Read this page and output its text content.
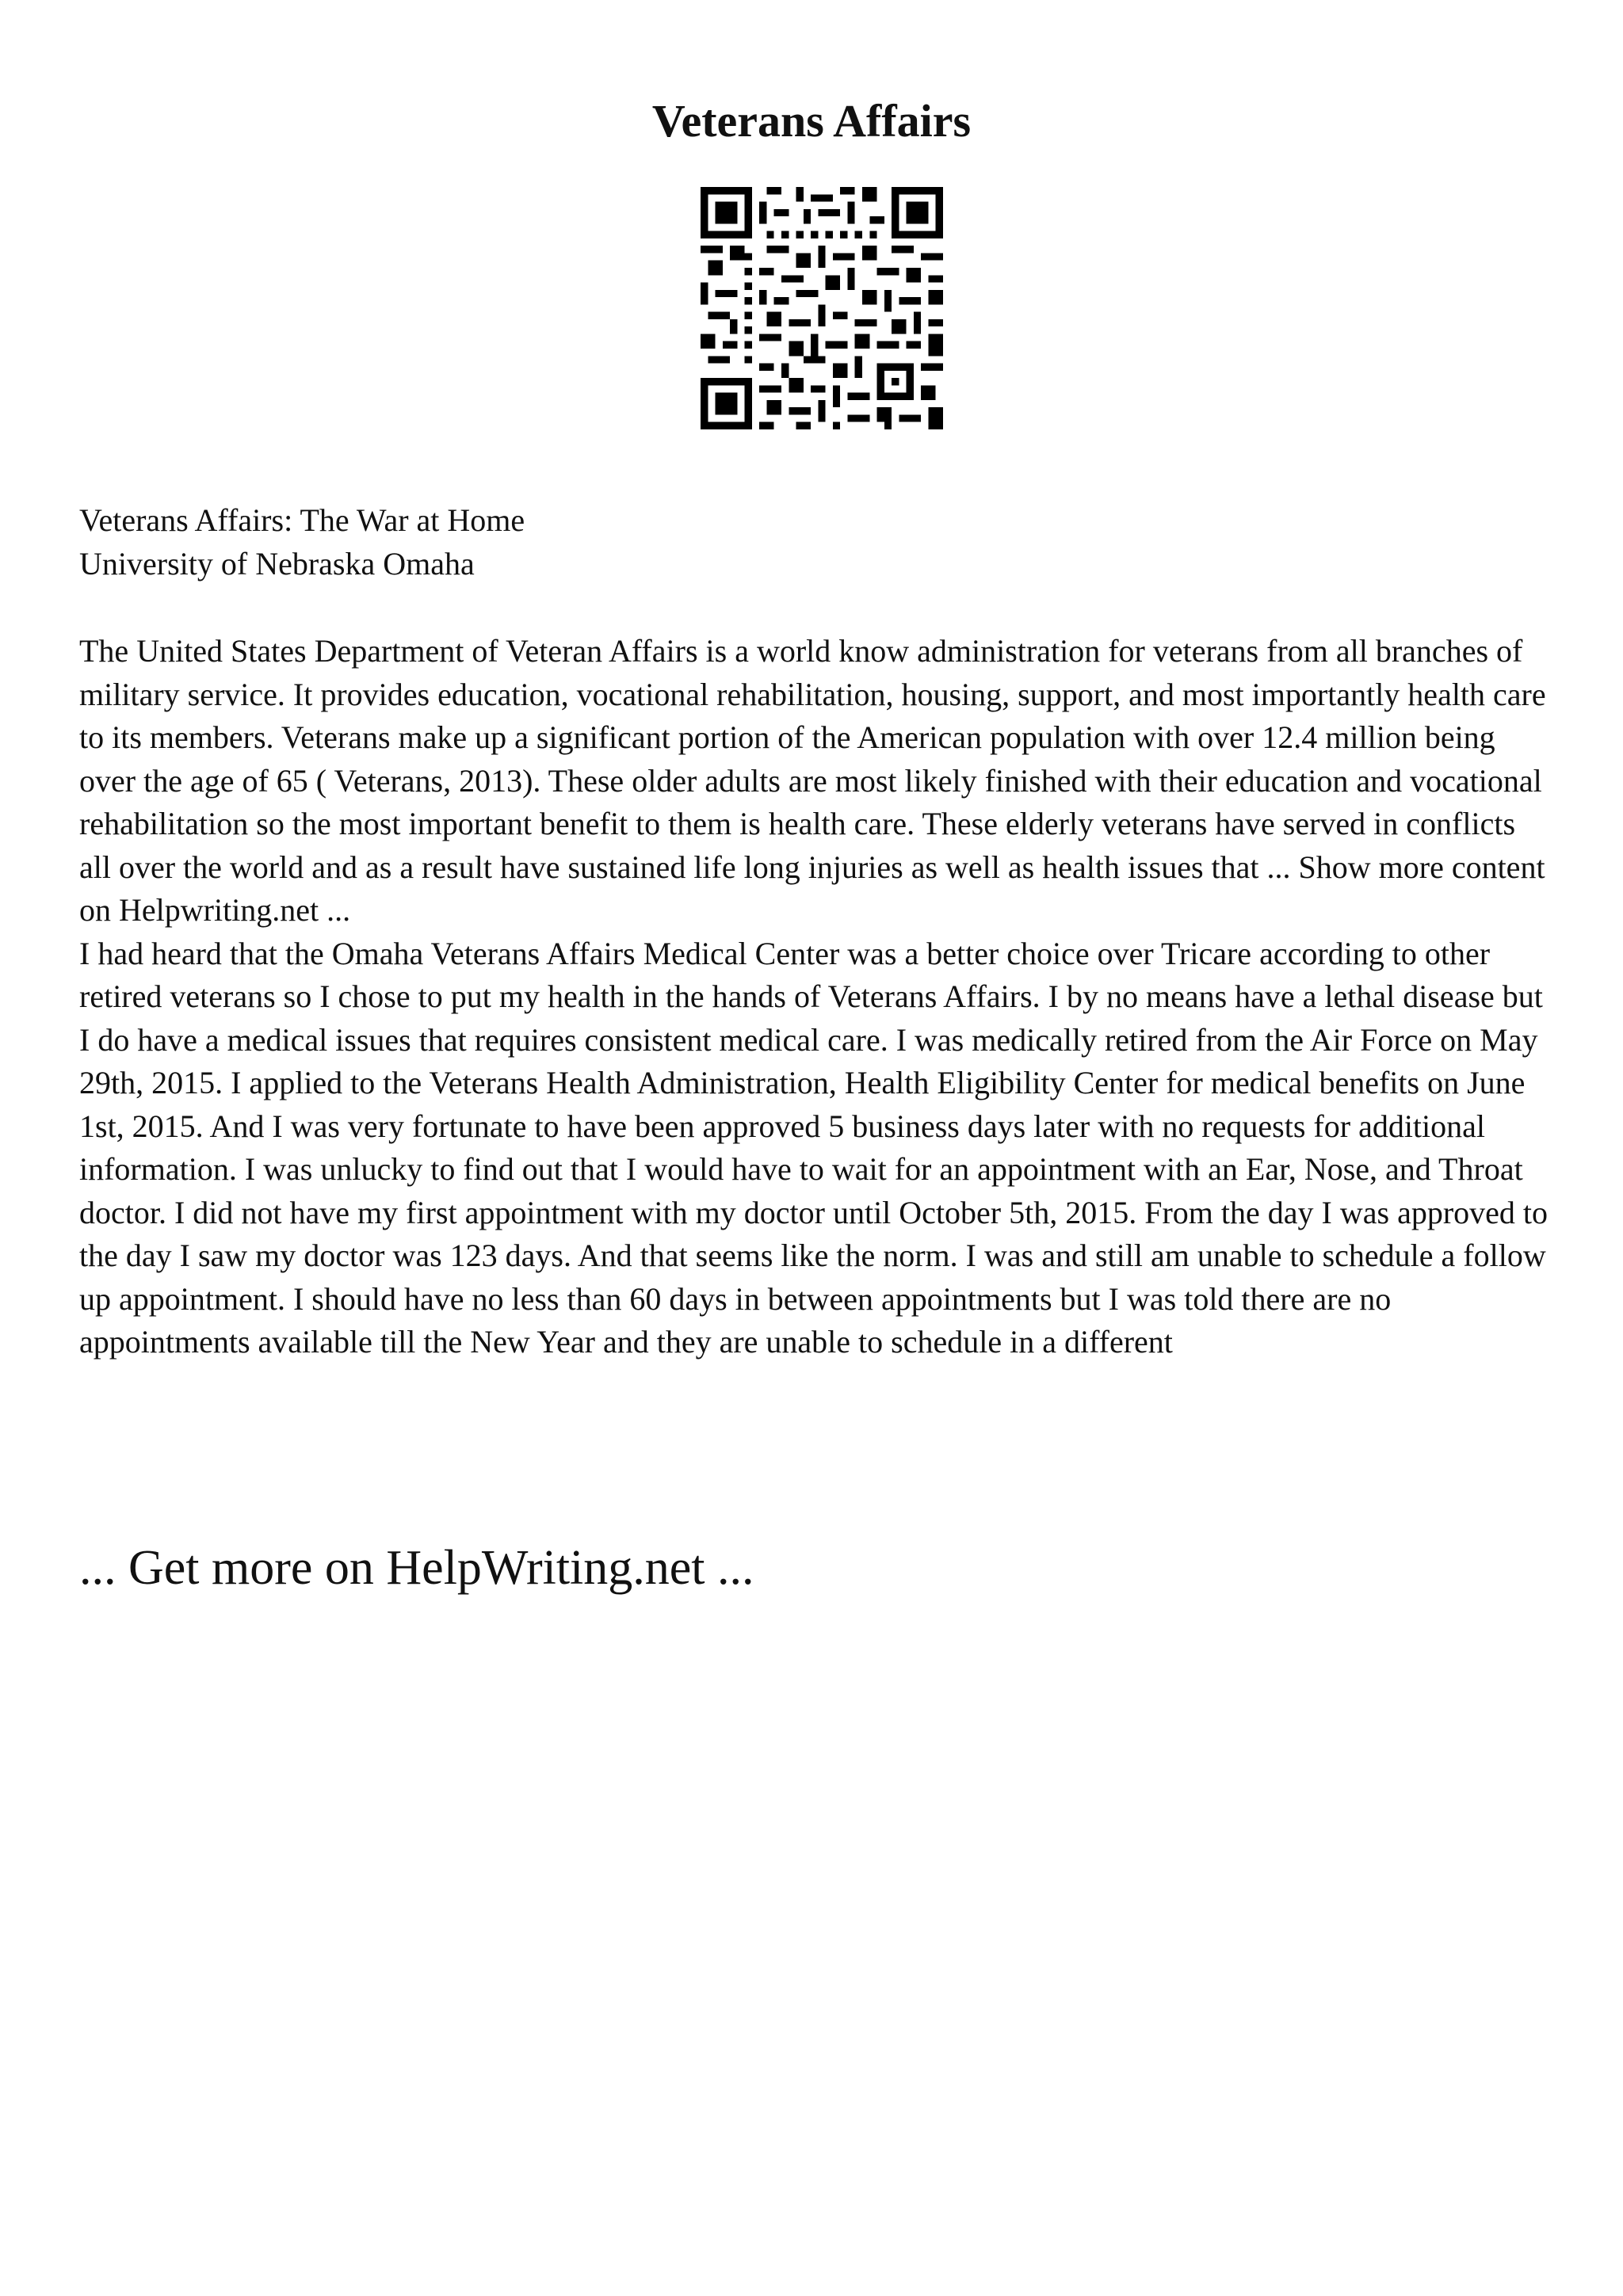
Veterans Affairs

Veterans Affairs: The War at Home

University of Nebraska Omaha

The United States Department of Veteran Affairs is a world know administration for veterans from all branches of military service. It provides education, vocational rehabilitation, housing, support, and most importantly health care to its members. Veterans make up a significant portion of the American population with over 12.4 million being over the age of 65 ( Veterans, 2013). These older adults are most likely finished with their education and vocational rehabilitation so the most important benefit to them is health care. These elderly veterans have served in conflicts all over the world and as a result have sustained life long injuries as well as health issues that ... Show more content on Helpwriting.net ...

I had heard that the Omaha Veterans Affairs Medical Center was a better choice over Tricare according to other retired veterans so I chose to put my health in the hands of Veterans Affairs. I by no means have a lethal disease but I do have a medical issues that requires consistent medical care. I was medically retired from the Air Force on May 29th, 2015. I applied to the Veterans Health Administration, Health Eligibility Center for medical benefits on June 1st, 2015. And I was very fortunate to have been approved 5 business days later with no requests for additional information. I was unlucky to find out that I would have to wait for an appointment with an Ear, Nose, and Throat doctor. I did not have my first appointment with my doctor until October 5th, 2015. From the day I was approved to the day I saw my doctor was 123 days. And that seems like the norm. I was and still am unable to schedule a follow up appointment. I should have no less than 60 days in between appointments but I was told there are no appointments available till the New Year and they are unable to schedule in a different

... Get more on HelpWriting.net ...
